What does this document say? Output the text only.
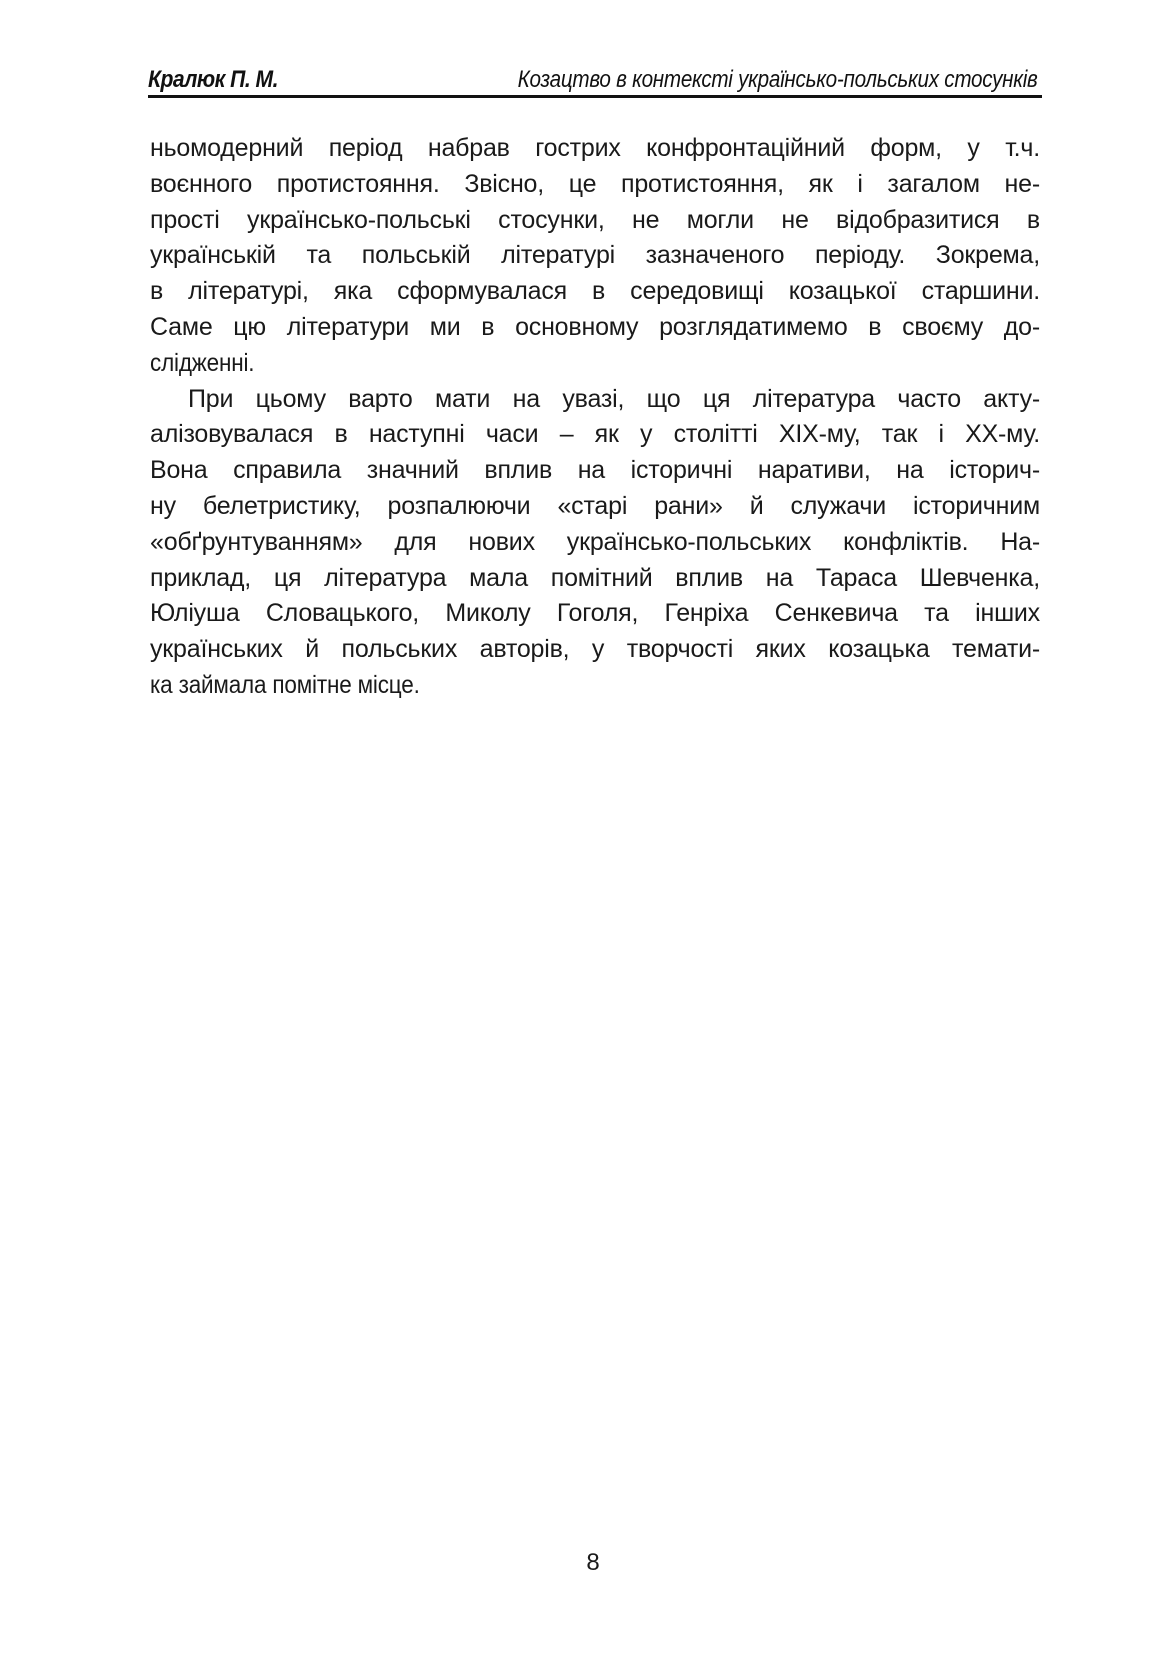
Кралюк П. М.	Козацтво в контексті українсько-польських стосунків
ньомодерний період набрав гострих конфронтаційний форм, у т.ч.
воєнного протистояння. Звісно, це протистояння, як і загалом не-
прості українсько-польські стосунки, не могли не відобразитися в
українській та польській літературі зазначеного періоду. Зокрема,
в літературі, яка сформувалася в середовищі козацької старшини.
Саме цю літератури ми в основному розглядатимемо в своєму до-
слідженні.
При цьому варто мати на увазі, що ця література часто акту-
алізовувалася в наступні часи – як у столітті ХІХ-му, так і ХХ-му.
Вона справила значний вплив на історичні наративи, на історич-
ну белетристику, розпалюючи «старі рани» й служачи історичним
«обґрунтуванням» для нових українсько-польських конфліктів. На-
приклад, ця література мала помітний вплив на Тараса Шевченка,
Юліуша Словацького, Миколу Гоголя, Генріха Сенкевича та інших
українських й польських авторів, у творчості яких козацька темати-
ка займала помітне місце.
8
